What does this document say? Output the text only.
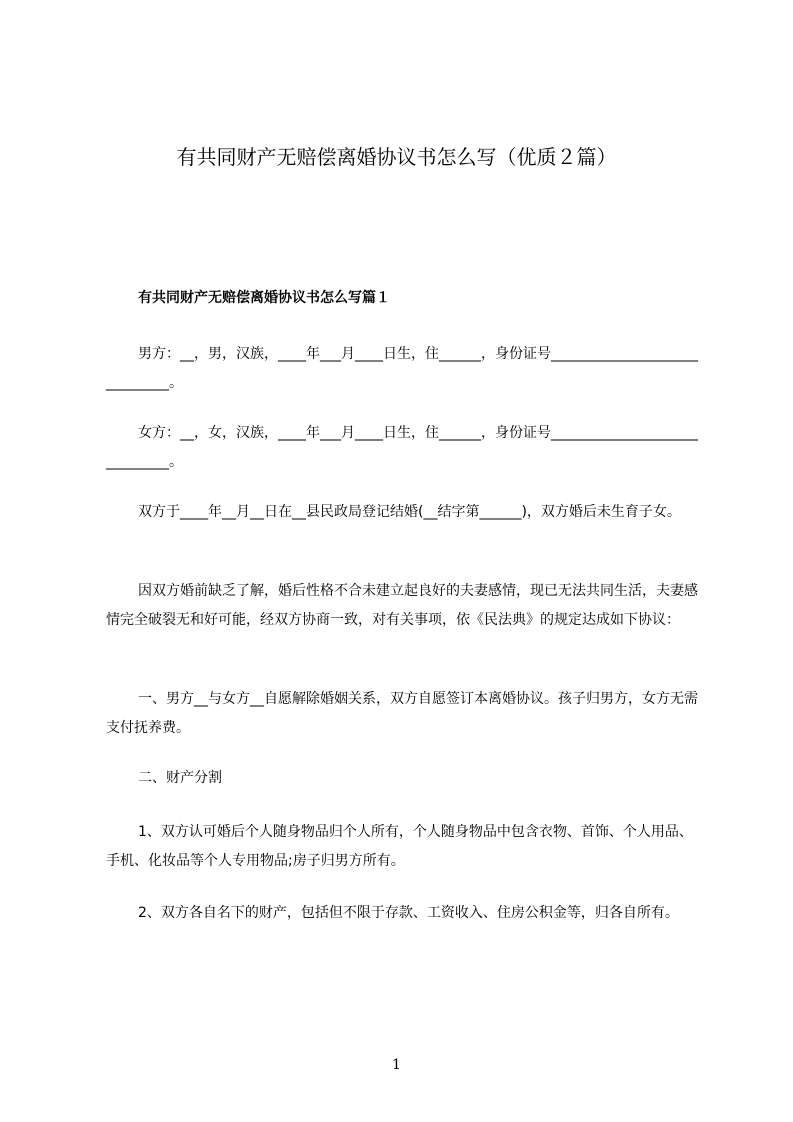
有共同财产无赔偿离婚协议书怎么写（优质２篇）
有共同财产无赔偿离婚协议书怎么写篇１

男方：__，男，汉族，____年___月____日生，住______，身份证号______________________________。

女方：__，女，汉族，____年___月____日生，住______，身份证号______________________________。

双方于____年__月__日在__县民政局登记结婚(__结字第______)，双方婚后未生育子女。

因双方婚前缺乏了解，婚后性格不合未建立起良好的夫妻感情，现已无法共同生活，夫妻感情完全破裂无和好可能，经双方协商一致，对有关事项，依《民法典》的规定达成如下协议：

一、男方__与女方__自愿解除婚姻关系，双方自愿签订本离婚协议。孩子归男方，女方无需支付抚养费。

二、财产分割

1、双方认可婚后个人随身物品归个人所有，个人随身物品中包含衣物、首饰、个人用品、手机、化妆品等个人专用物品;房子归男方所有。

2、双方各自名下的财产，包括但不限于存款、工资收入、住房公积金等，归各自所有。

1
